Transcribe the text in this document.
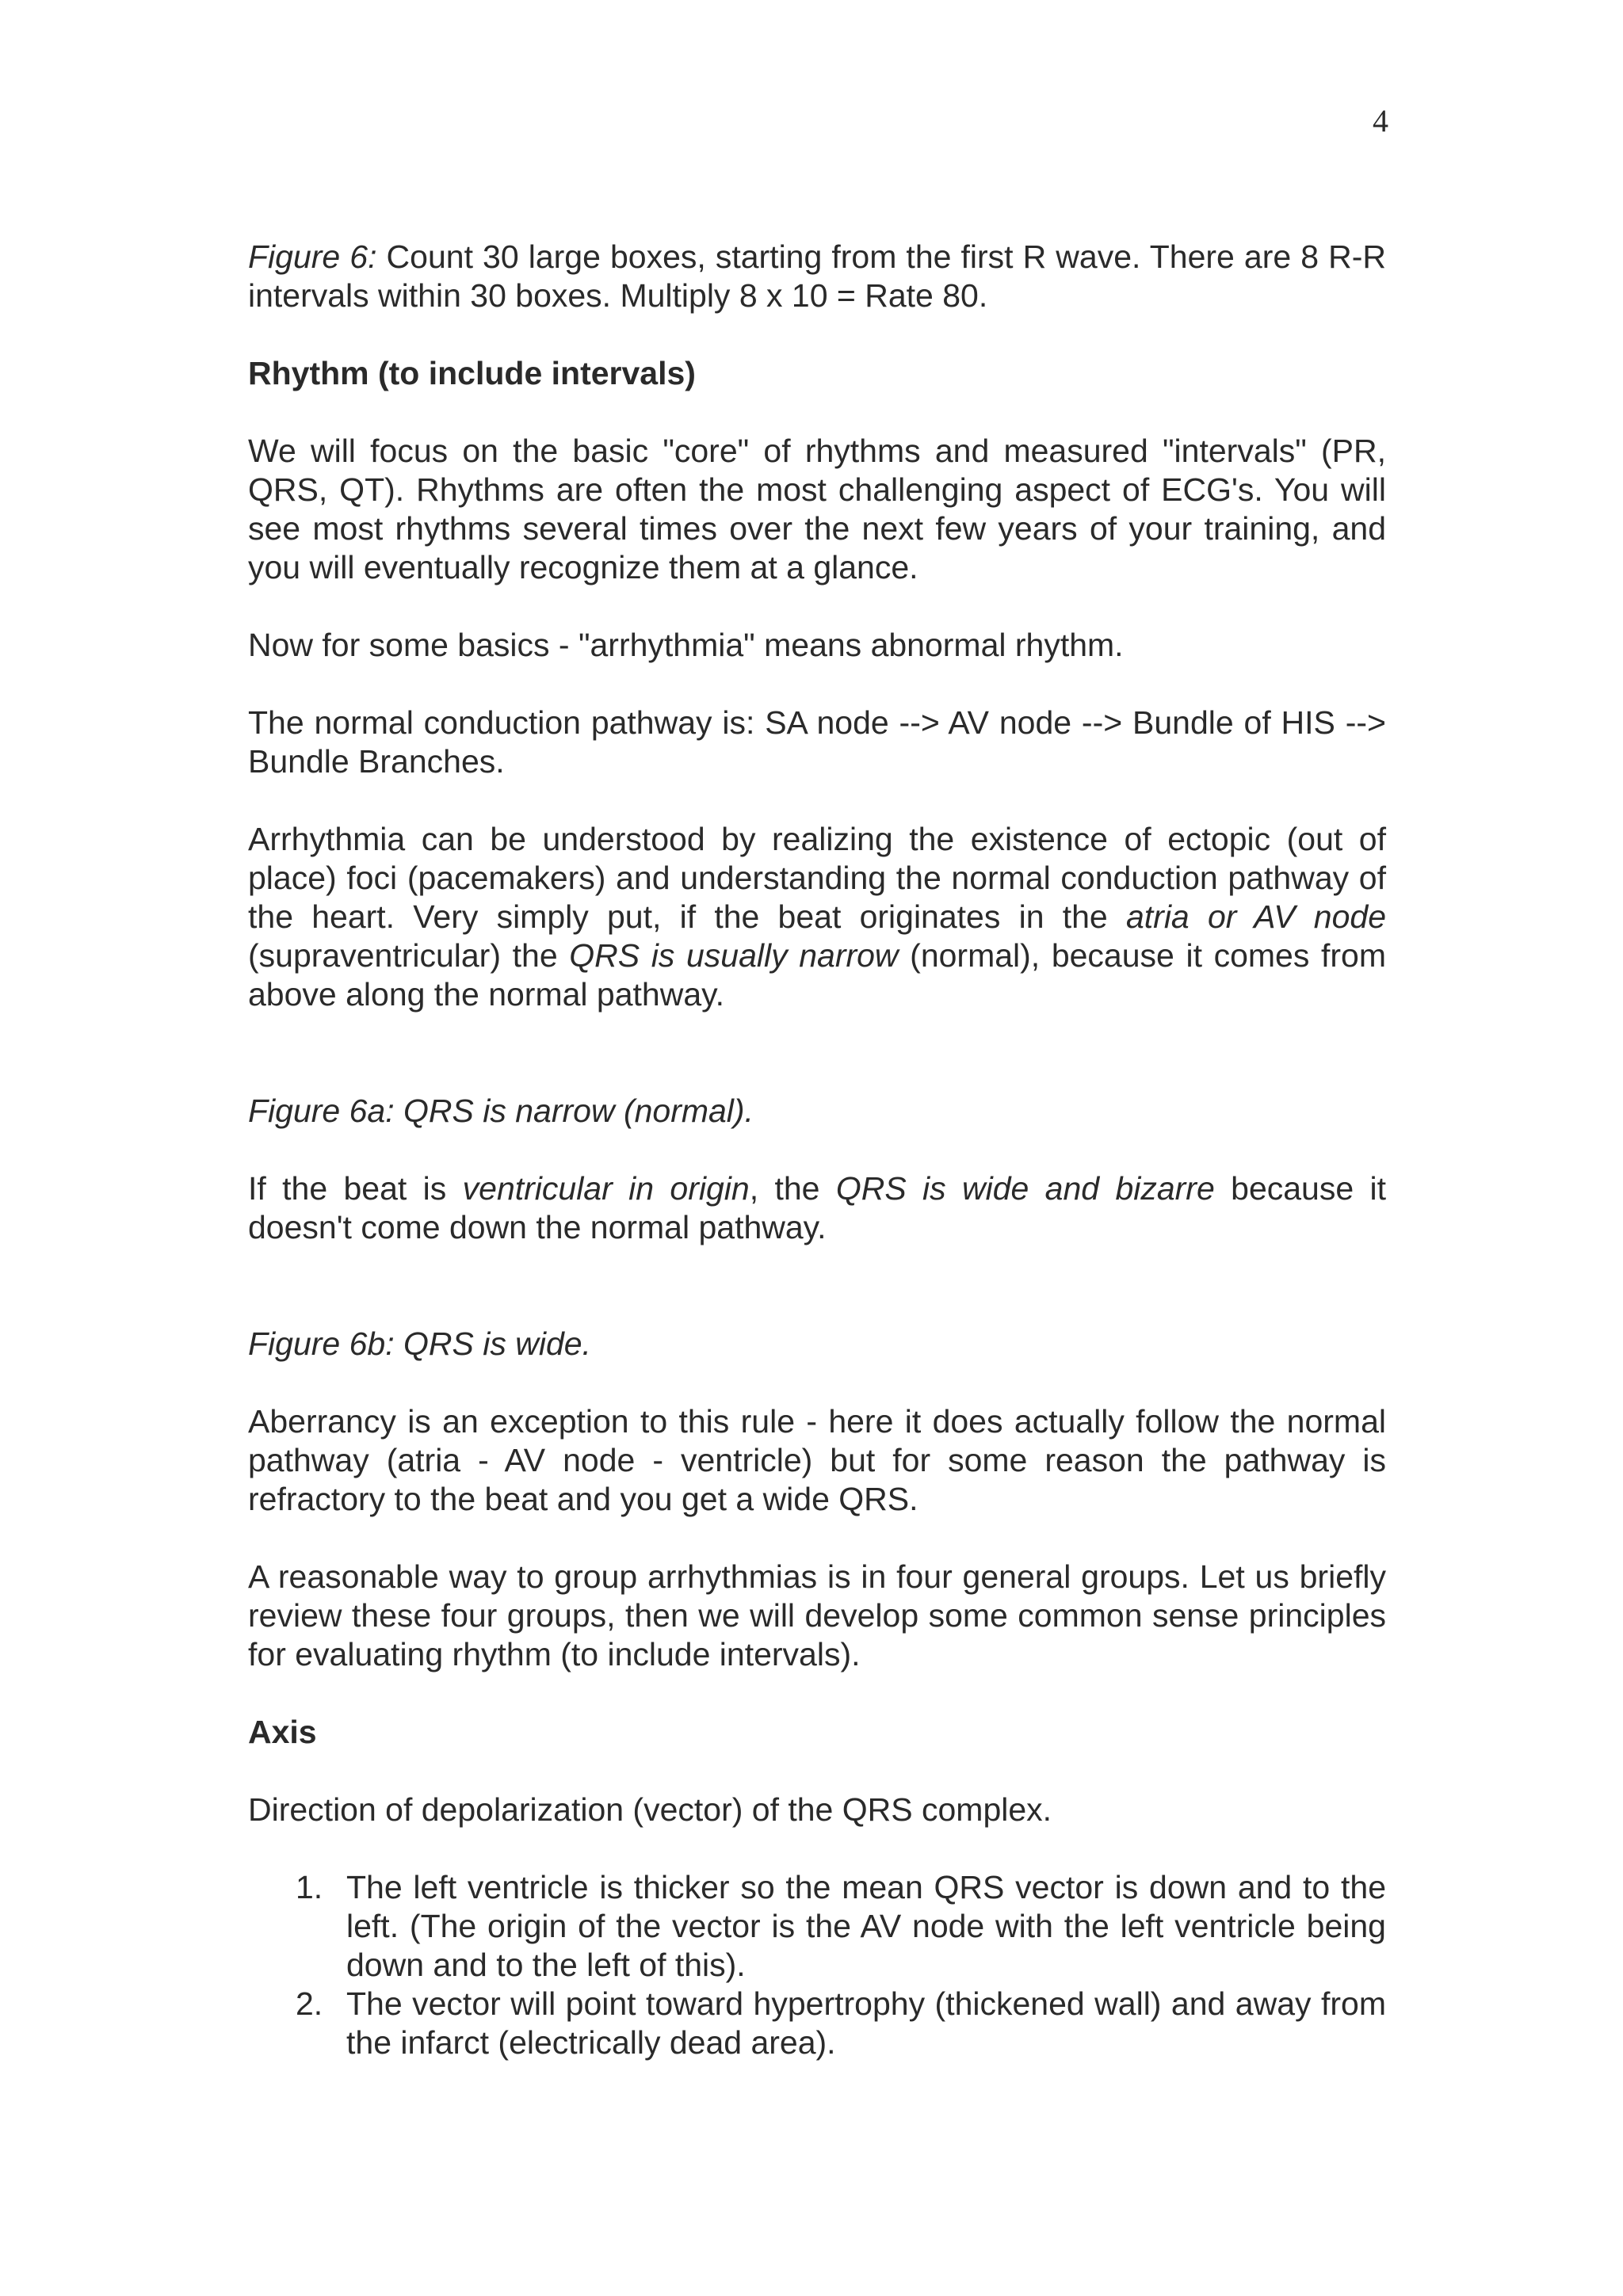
4

Figure 6: Count 30 large boxes, starting from the first R wave. There are 8 R-R intervals within 30 boxes. Multiply 8 x 10 = Rate 80.

Rhythm (to include intervals)

We will focus on the basic "core" of rhythms and measured "intervals" (PR, QRS, QT). Rhythms are often the most challenging aspect of ECG's. You will see most rhythms several times over the next few years of your training, and you will eventually recognize them at a glance.

Now for some basics - "arrhythmia" means abnormal rhythm.

The normal conduction pathway is: SA node --> AV node --> Bundle of HIS --> Bundle Branches.

Arrhythmia can be understood by realizing the existence of ectopic (out of place) foci (pacemakers) and understanding the normal conduction pathway of the heart. Very simply put, if the beat originates in the atria or AV node (supraventricular) the QRS is usually narrow (normal), because it comes from above along the normal pathway.

Figure 6a: QRS is narrow (normal).

If the beat is ventricular in origin, the QRS is wide and bizarre because it doesn't come down the normal pathway.

Figure 6b: QRS is wide.

Aberrancy is an exception to this rule - here it does actually follow the normal pathway (atria - AV node - ventricle) but for some reason the pathway is refractory to the beat and you get a wide QRS.

A reasonable way to group arrhythmias is in four general groups. Let us briefly review these four groups, then we will develop some common sense principles for evaluating rhythm (to include intervals).

Axis

Direction of depolarization (vector) of the QRS complex.

1. The left ventricle is thicker so the mean QRS vector is down and to the left. (The origin of the vector is the AV node with the left ventricle being down and to the left of this).
2. The vector will point toward hypertrophy (thickened wall) and away from the infarct (electrically dead area).
